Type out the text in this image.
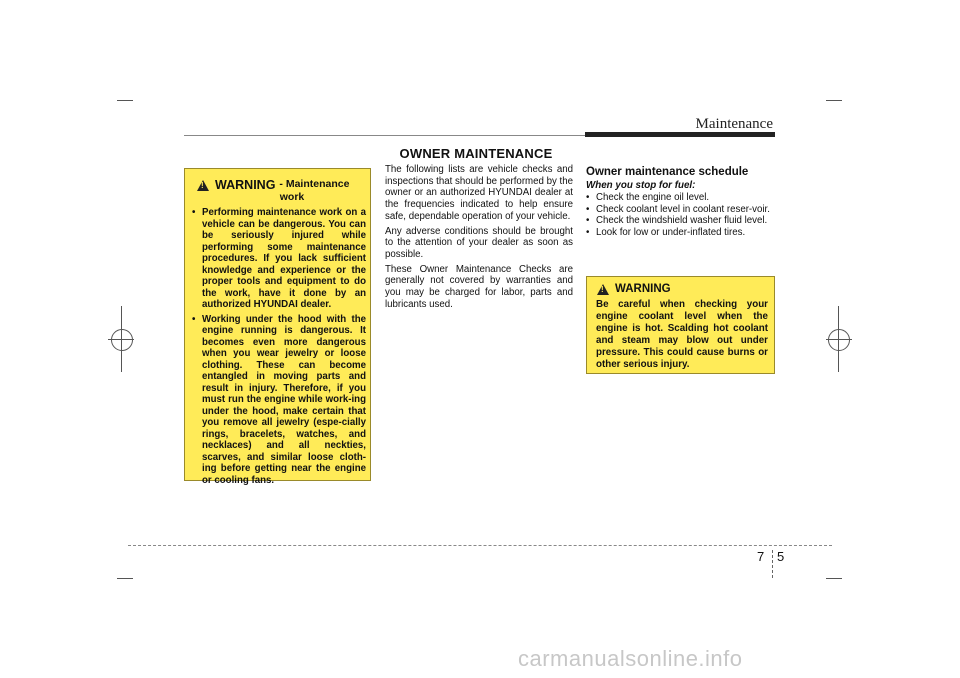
Maintenance
OWNER MAINTENANCE
!
WARNING - Maintenance
work
• Performing maintenance work on a vehicle can be dangerous. You can be seriously injured while performing some maintenance procedures. If you lack sufficient knowledge and experience or the proper tools and equipment to do the work, have it done by an authorized HYUNDAI dealer.
• Working under the hood with the engine running is dangerous. It becomes even more dangerous when you wear jewelry or loose clothing. These can become entangled in moving parts and result in injury. Therefore, if you must run the engine while work-ing under the hood, make certain that you remove all jewelry (espe-cially rings, bracelets, watches, and necklaces) and all neckties, scarves, and similar loose cloth-ing before getting near the engine or cooling fans.

The following lists are vehicle checks and inspections that should be performed by the owner or an authorized HYUNDAI dealer at the frequencies indicated to help ensure safe, dependable operation of your vehicle.

Any adverse conditions should be brought to the attention of your dealer as soon as possible.

These Owner Maintenance Checks are generally not covered by warranties and you may be charged for labor, parts and lubricants used.

Owner maintenance schedule
When you stop for fuel:
• Check the engine oil level.
• Check coolant level in coolant reser-voir.
• Check the windshield washer fluid level.
• Look for low or under-inflated tires.
!
WARNING
Be careful when checking your engine coolant level when the engine is hot. Scalding hot coolant and steam may blow out under pressure. This could cause burns or other serious injury.
7 5
carmanualsonline.info
